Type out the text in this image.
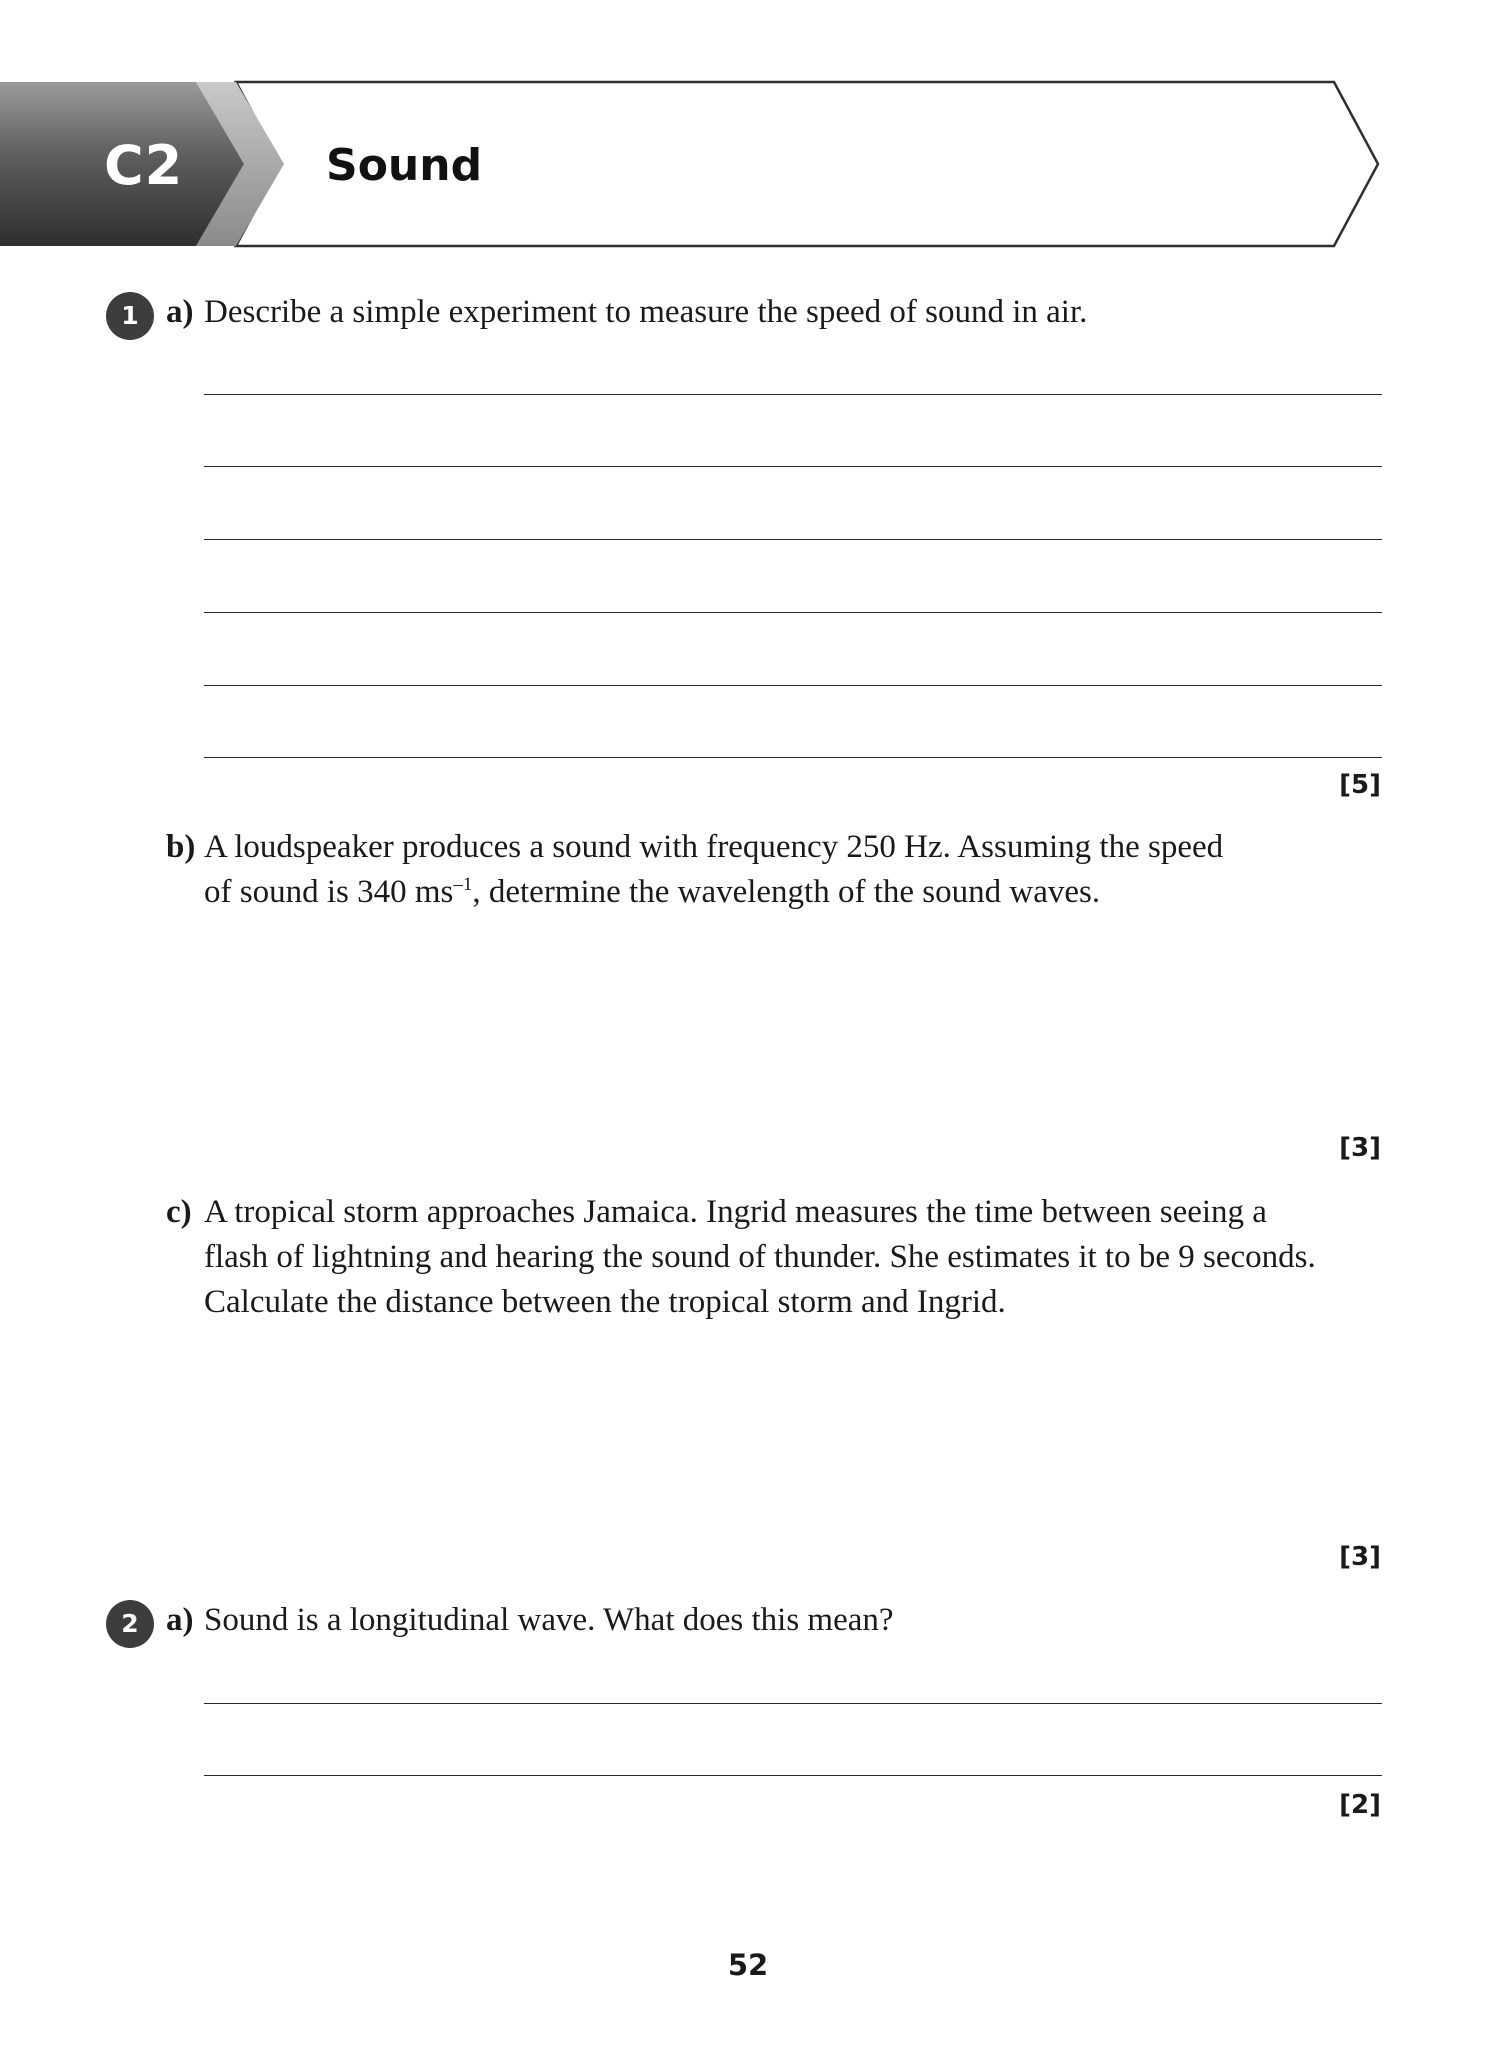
C2	Sound
1 a) Describe a simple experiment to measure the speed of sound in air.
[5]
b) A loudspeaker produces a sound with frequency 250 Hz. Assuming the speed
of sound is 340 $ms^{-1}$, determine the wavelength of the sound waves.
[3]
c) A tropical storm approaches Jamaica. Ingrid measures the time between seeing a
flash of lightning and hearing the sound of thunder. She estimates it to be 9 seconds.
Calculate the distance between the tropical storm and Ingrid.
[3]
2 a) Sound is a longitudinal wave. What does this mean?
[2]
52
